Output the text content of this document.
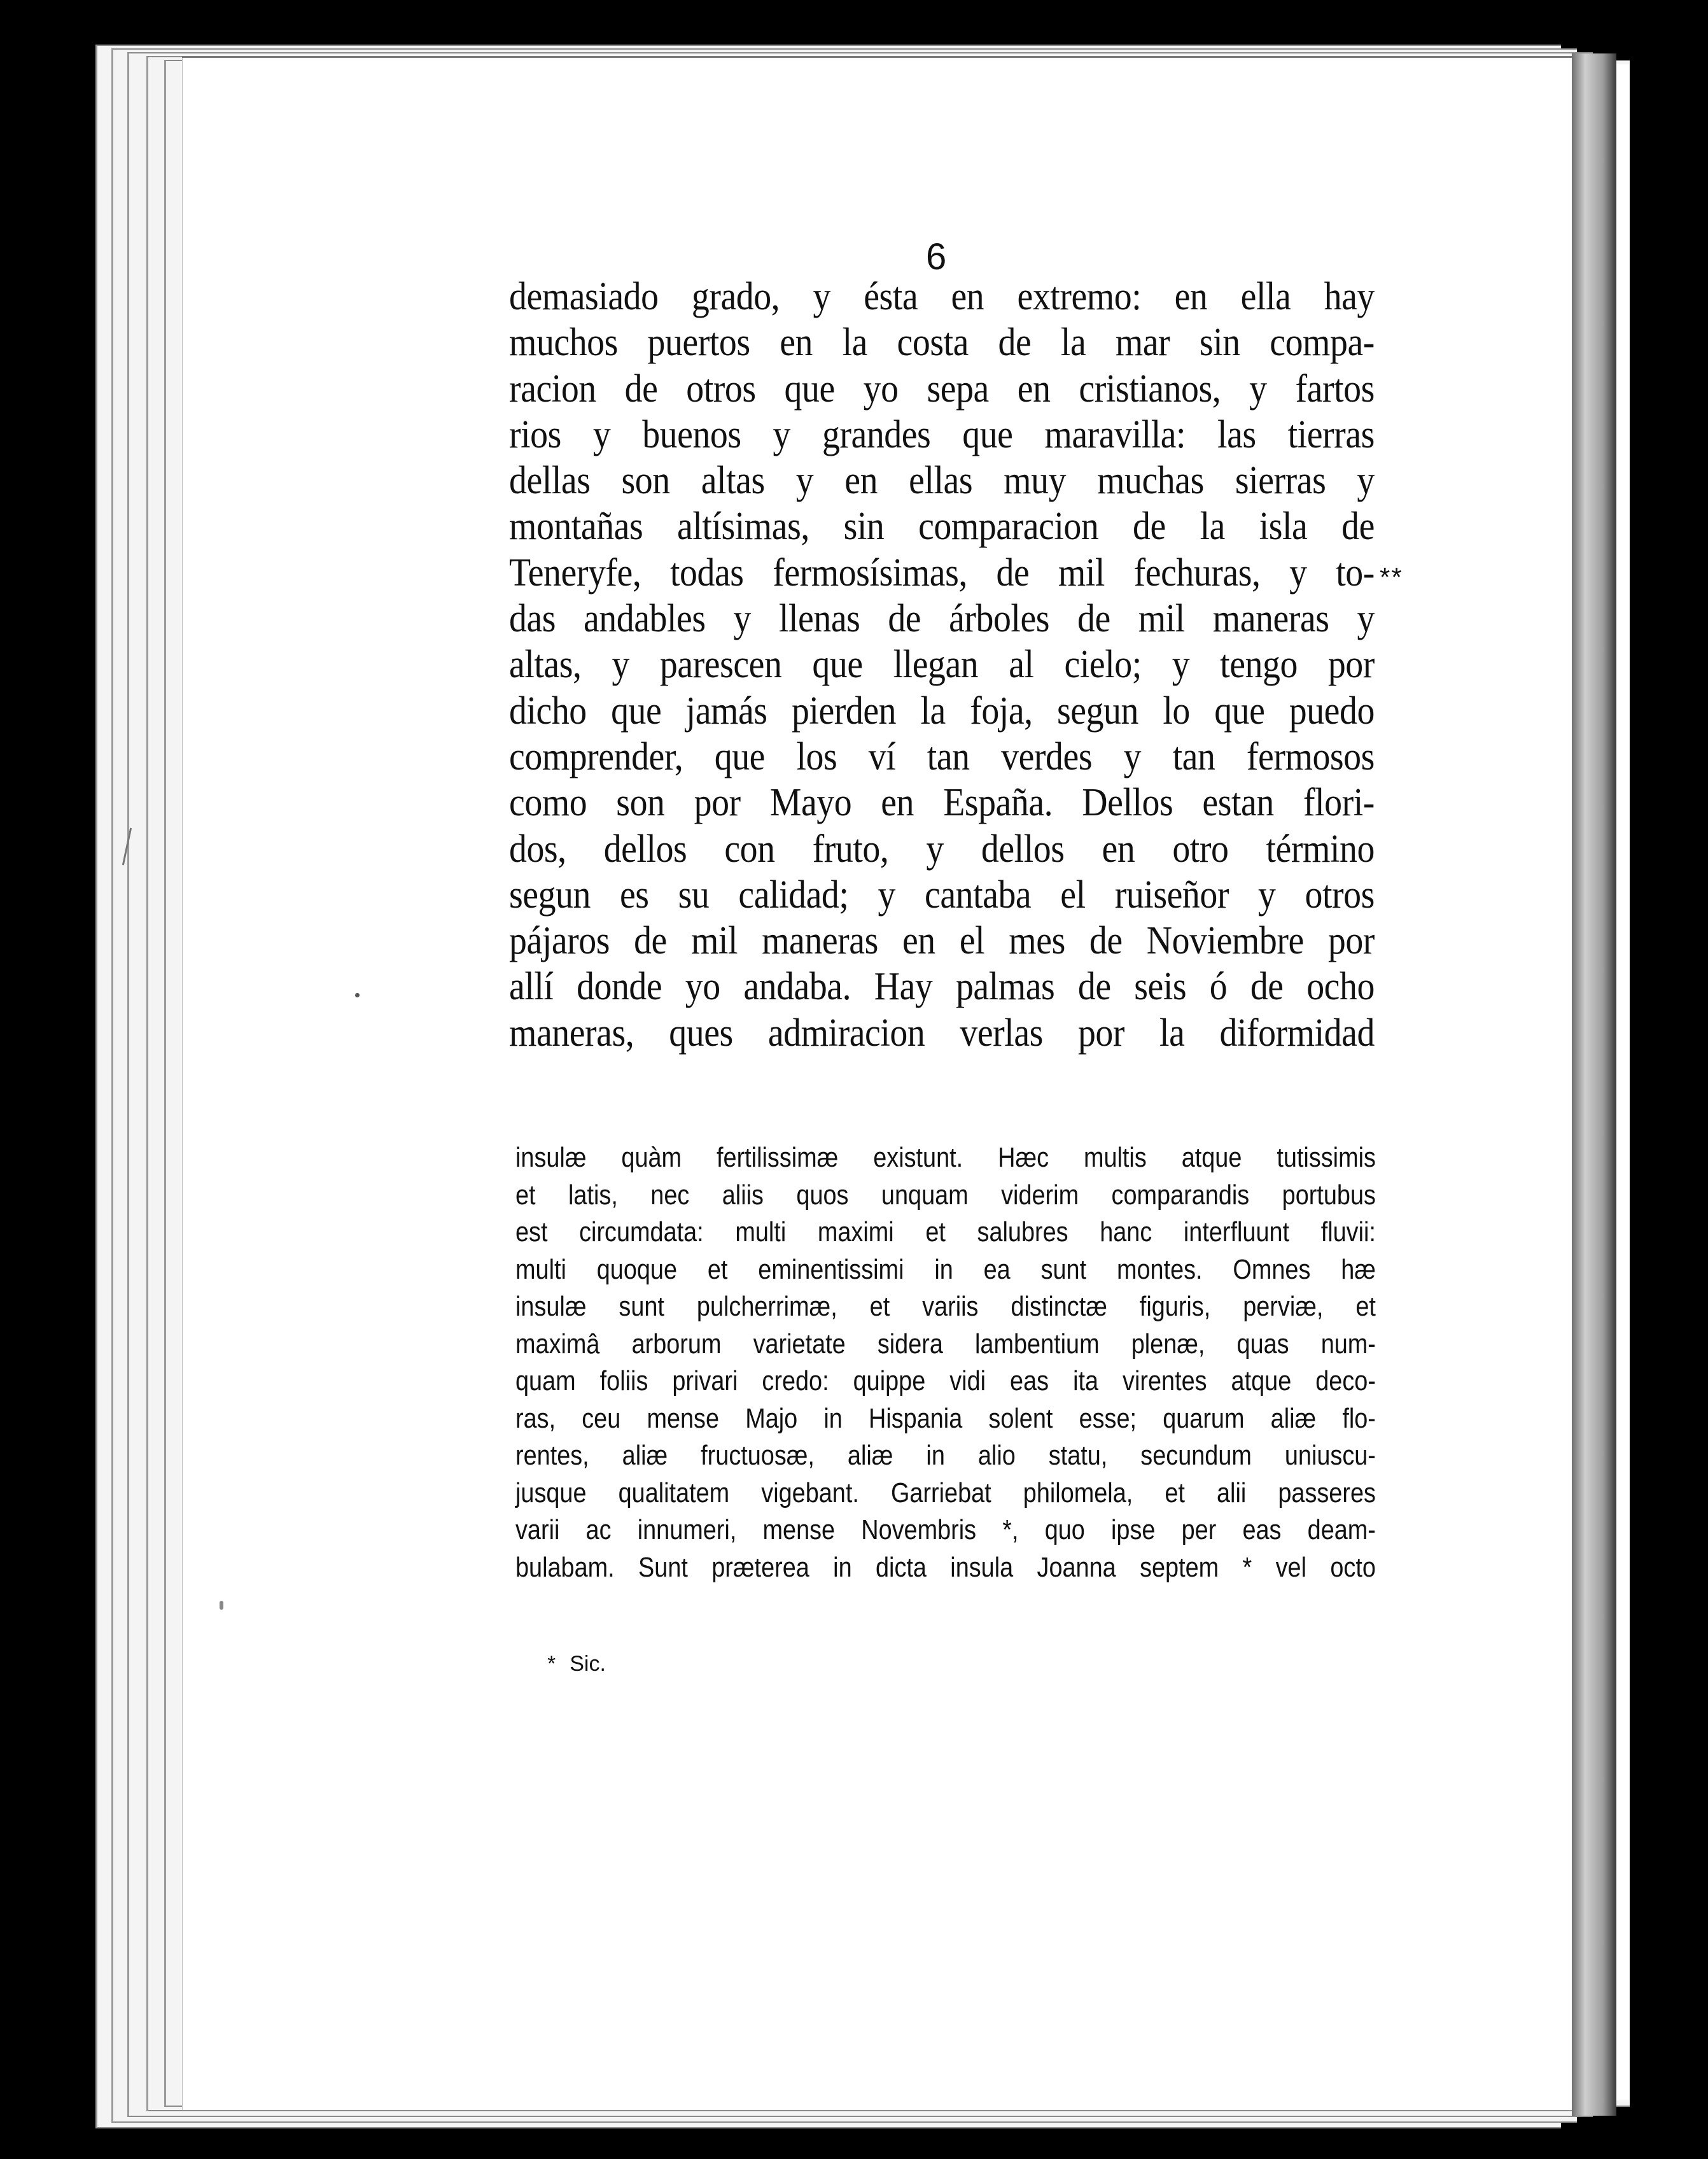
6
demasiado grado, y ésta en extremo: en ella hay
muchos puertos en la costa de la mar sin compa-
racion de otros que yo sepa en cristianos, y fartos
rios y buenos y grandes que maravilla: las tierras
dellas son altas y en ellas muy muchas sierras y
montañas altísimas, sin comparacion de la isla de
Teneryfe, todas fermosísimas, de mil fechuras, y to-
das andables y llenas de árboles de mil maneras y
altas, y parescen que llegan al cielo; y tengo por
dicho que jamás pierden la foja, segun lo que puedo
comprender, que los ví tan verdes y tan fermosos
como son por Mayo en España. Dellos estan flori-
dos, dellos con fruto, y dellos en otro término
segun es su calidad; y cantaba el ruiseñor y otros
pájaros de mil maneras en el mes de Noviembre por
allí donde yo andaba. Hay palmas de seis ó de ocho
maneras, ques admiracion verlas por la diformidad
**
insulæ quàm fertilissimæ existunt. Hæc multis atque tutissimis
et latis, nec aliis quos unquam viderim comparandis portubus
est circumdata: multi maximi et salubres hanc interfluunt fluvii:
multi quoque et eminentissimi in ea sunt montes. Omnes hæ
insulæ sunt pulcherrimæ, et variis distinctæ figuris, perviæ, et
maximâ arborum varietate sidera lambentium plenæ, quas num-
quam foliis privari credo: quippe vidi eas ita virentes atque deco-
ras, ceu mense Majo in Hispania solent esse; quarum aliæ flo-
rentes, aliæ fructuosæ, aliæ in alio statu, secundum uniuscu-
jusque qualitatem vigebant. Garriebat philomela, et alii passeres
varii ac innumeri, mense Novembris *, quo ipse per eas deam-
bulabam. Sunt præterea in dicta insula Joanna septem * vel octo
* Sic.
